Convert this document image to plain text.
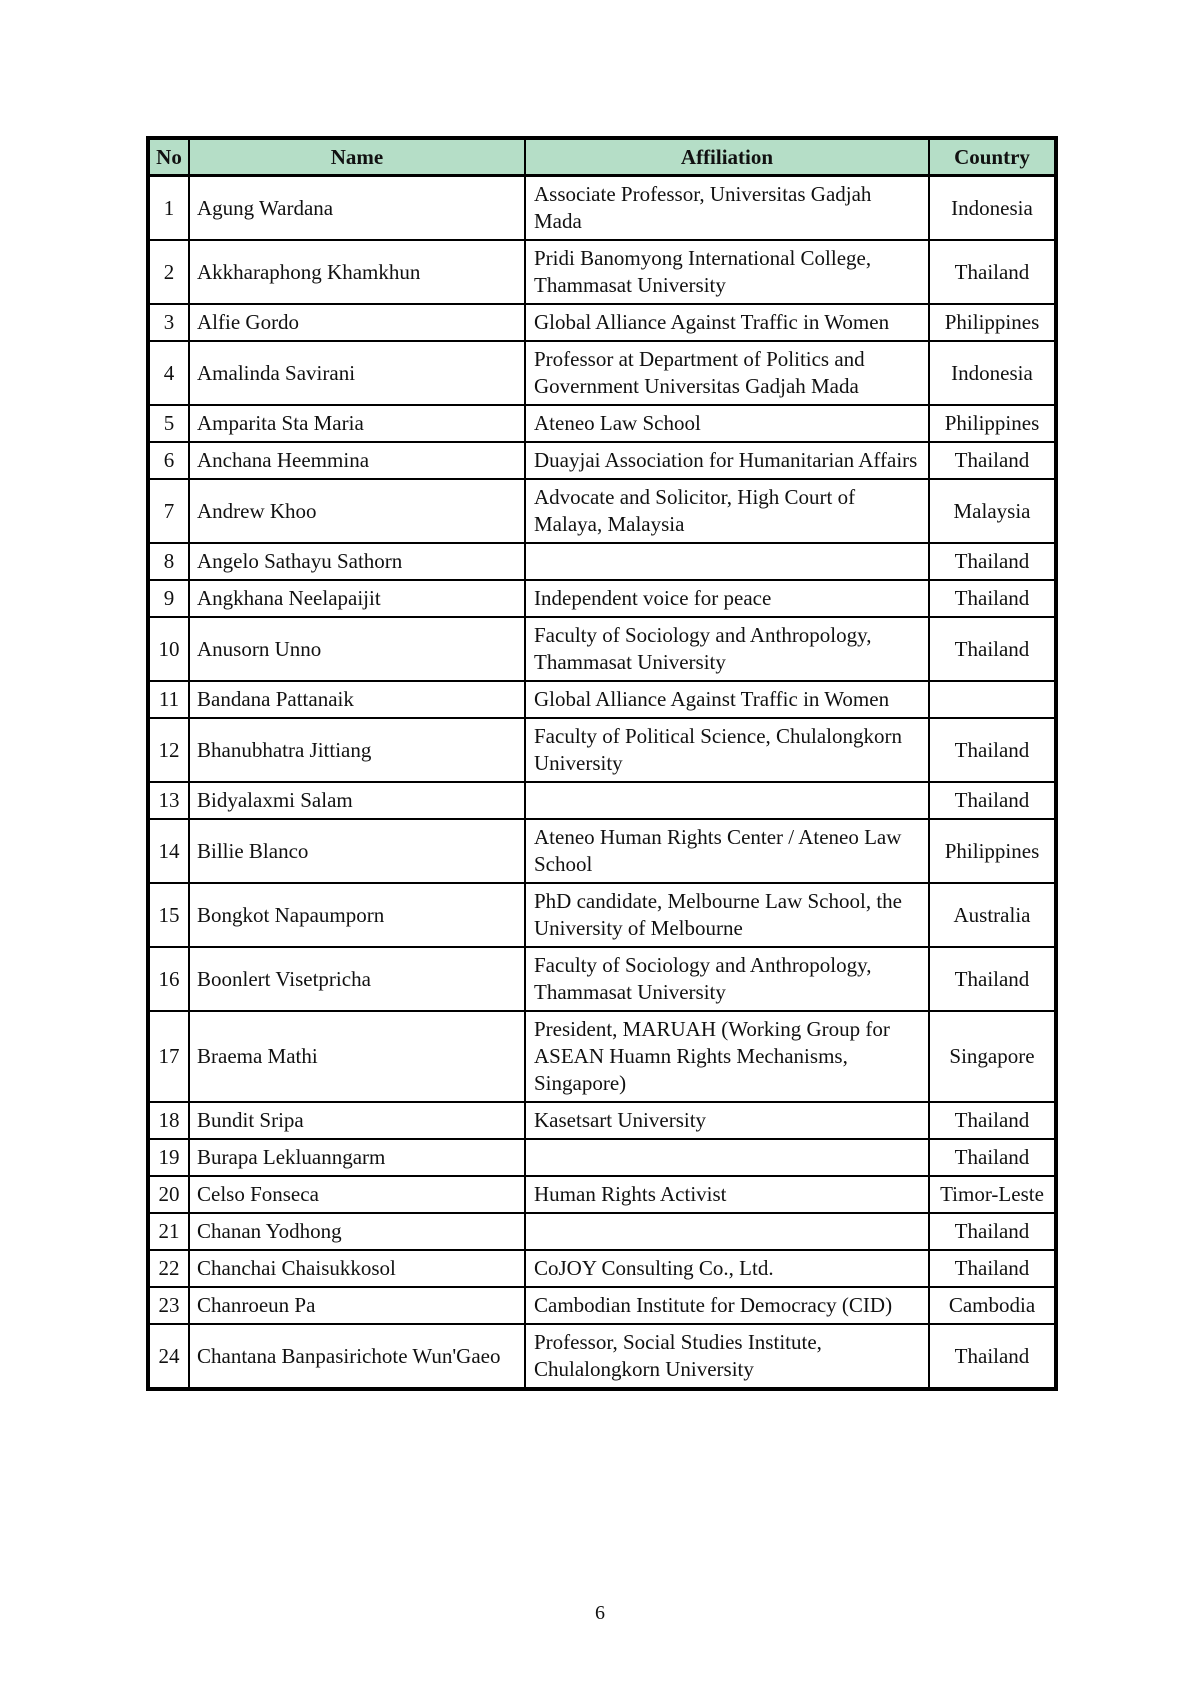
No	Name	Affiliation	Country
1	Agung Wardana	Associate Professor, Universitas Gadjah Mada	Indonesia
2	Akkharaphong Khamkhun	Pridi Banomyong International College, Thammasat University	Thailand
3	Alfie Gordo	Global Alliance Against Traffic in Women	Philippines
4	Amalinda Savirani	Professor at Department of Politics and Government Universitas Gadjah Mada	Indonesia
5	Amparita Sta Maria	Ateneo Law School	Philippines
6	Anchana Heemmina	Duayjai Association for Humanitarian Affairs	Thailand
7	Andrew Khoo	Advocate and Solicitor, High Court of Malaya, Malaysia	Malaysia
8	Angelo Sathayu Sathorn		Thailand
9	Angkhana Neelapaijit	Independent voice for peace	Thailand
10	Anusorn Unno	Faculty of Sociology and Anthropology, Thammasat University	Thailand
11	Bandana Pattanaik	Global Alliance Against Traffic in Women	
12	Bhanubhatra Jittiang	Faculty of Political Science, Chulalongkorn University	Thailand
13	Bidyalaxmi Salam		Thailand
14	Billie Blanco	Ateneo Human Rights Center / Ateneo Law School	Philippines
15	Bongkot Napaumporn	PhD candidate, Melbourne Law School, the University of Melbourne	Australia
16	Boonlert Visetpricha	Faculty of Sociology and Anthropology, Thammasat University	Thailand
17	Braema Mathi	President, MARUAH (Working Group for ASEAN Huamn Rights Mechanisms, Singapore)	Singapore
18	Bundit Sripa	Kasetsart University	Thailand
19	Burapa Lekluanngarm		Thailand
20	Celso Fonseca	Human Rights Activist	Timor-Leste
21	Chanan Yodhong		Thailand
22	Chanchai Chaisukkosol	CoJOY Consulting Co., Ltd.	Thailand
23	Chanroeun Pa	Cambodian Institute for Democracy (CID)	Cambodia
24	Chantana Banpasirichote Wun'Gaeo	Professor, Social Studies Institute, Chulalongkorn University	Thailand
6
